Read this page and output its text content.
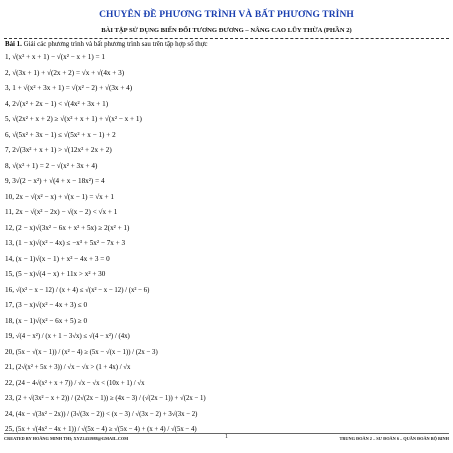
CHUYÊN ĐỀ PHƯƠNG TRÌNH VÀ BẤT PHƯƠNG TRÌNH
BÀI TẬP SỬ DỤNG BIẾN ĐỔI TƯƠNG ĐƯƠNG – NÂNG CAO LŨY THỪA (PHẦN 2)
Bài 1. Giải các phương trình và bất phương trình sau trên tập hợp số thực
1, √(x² + x + 1) − √(x² − x + 1) = 1
2, √(3x + 1) + √(2x + 2) = √x + √(4x + 3)
3, 1 + √(x² + 3x + 1) = √(x² − 2) + √(3x + 4)
4, 2√(x² + 2x − 1) < √(4x² + 3x + 1)
5, √(2x² + x + 2) ≥ √(x² + x + 1) + √(x² − x + 1)
6, √(5x² + 3x − 1) ≤ √(5x² + x − 1) + 2
7, 2√(3x² + x + 1) > √(12x² + 2x + 2)
8, √(x² + 1) = 2 − √(x² + 3x + 4)
9, 3√(2 − x²) + √(4 + x − 18x²) = 4
10, 2x − √(x² − x) + √(x − 1) = √x + 1
11, 2x − √(x² − 2x) − √(x − 2) < √x + 1
12, (2 − x)√(3x² − 6x + x² + 5x) ≥ 2(x² + 1)
13, (1 − x)√(x² − 4x) ≤ −x³ + 5x² − 7x + 3
14, (x − 1)√(x − 1) + x² − 4x + 3 = 0
15, (5 − x)√(4 − x) + 11x > x² + 30
16, √(x² − x − 12) / (x + 4) ≤ √(x² − x − 12) / (x² − 6)
17, (3 − x)√(x² − 4x + 3) ≤ 0
18, (x − 1)√(x² − 6x + 5) ≥ 0
19, √(4 − x²) / (x + 1 − 3√x) ≤ √(4 − x²) / (4x)
20, (5x − √(x − 1)) / (x² − 4) ≥ (5x − √(x − 1)) / (2x − 3)
21, (2√(x² + 5x + 3)) / √x − √x > (1 + 4x) / √x
22, (24 − 4√(x² + x + 7)) / √x − √x < (10x + 1) / √x
23, (2 + √(3x² − x + 2)) / (2√(2x − 1)) ≥ (4x − 3) / (√(2x − 1)) + √(2x − 1)
24, (4x − √(3x² − 2x)) / (3√(3x − 2)) < (x − 3) / √(3x − 2) + 3√(3x − 2)
25, (5x + √(4x² − 4x + 1)) / √(5x − 4) ≥ √(5x − 4) + (x + 4) / √(5x − 4)
CREATED BY HOÀNG MINH THI; XYZ1431988@GMAIL.COM	1	TRUNG ĐOÀN 2 – SƯ ĐOÀN 6 – QUÂN ĐOÀN BỘ BINH
